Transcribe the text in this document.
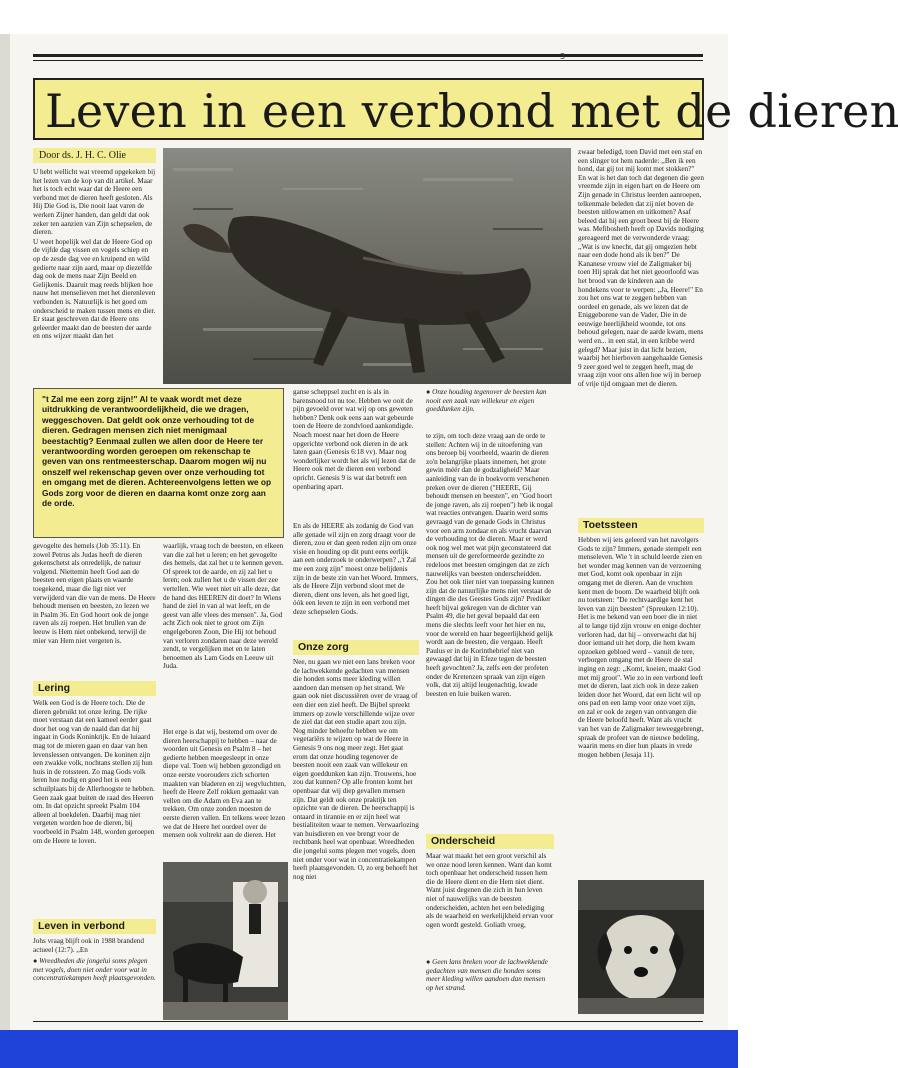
3
Leven in een verbond met de dieren
Door ds. J. H. C. Olie

U hebt wellicht wat vreemd opgekeken bij het lezen van de kop van dit artikel. Maar het is toch echt waar dat de Heere een verbond met de dieren heeft gesloten. Als Hij Die God is, Die nooit laat varen de werken Zijner handen, dan geldt dat ook zeker ten aanzien van Zijn schepselen, de dieren.

U weet hopelijk wel dat de Heere God op de vijfde dag vissen en vogels schiep en op de zesde dag vee en kruipend en wild gedierte naar zijn aard, maar op diezelfde dag ook de mens naar Zijn Beeld en Gelijkenis. Daaruit mag reeds blijken hoe nauw het menselieven met het dierenleven verbonden is. Natuurlijk is het goed om onderscheid te maken tussen mens en dier. Er staat geschreven dat de Heere ons geleerder maakt dan de beesten der aarde en ons wijzer maakt dan het

"t Zal me een zorg zijn!" Al te vaak wordt met deze uitdrukking de verantwoordelijkheid, die we dragen, weggeschoven. Dat geldt ook onze verhouding tot de dieren. Gedragen mensen zich niet menigmaal beestachtig? Eenmaal zullen we allen door de Heere ter verantwoording worden geroepen om rekenschap te geven van ons rentmeesterschap. Daarom mogen wij nu onszelf wel rekenschap geven over onze verhouding tot en omgang met de dieren. Achtereenvolgens letten we op Gods zorg voor de dieren en daarna komt onze zorg aan de orde.
gevogelte des hemels (Job 35:11). En zowel Petrus als Judas heeft de dieren gekenschetst als onredelijk, de natuur volgend. Niettemin heeft God aan de beesten een eigen plaats en waarde toegekend, maar die ligt niet ver verwijderd van die van de mens. De Heere behoudt mensen en beesten, zo lezen we in Psalm 36. En God hoort ook de jonge raven als zij roepen. Het brullen van de leeuw is Hem niet onbekend, terwijl de mier van Hem niet vergeten is.
Lering
Welk een God is de Heere toch. Die de dieren gebruikt tot onze lering. De rijke moet verstaan dat een kameel eerder gaat door het oog van de naald dan dat hij ingaat in Gods Koninkrijk. En de luiaard mag tot de mieren gaan en daar van hen levenslessen ontvangen. De koninen zijn een zwakke volk, nochtans stellen zij hun huis in de rotssteen. Zo mag Gods volk leren hoe nodig en goed het is een schuilplaats bij de Allerhoogste te hebben. Geen zaak gaat buiten de raad des Heeren om. In dat opzicht spreekt Psalm 104 alleen al boekdelen. Daarbij mag niet vergeten worden hoe de dieren, bij voorbeeld in Psalm 148, worden geroepen om de Heere te loven.
Leven in verbond
Johs vraag blijft ook in 1988 brandend actueel (12:7). ,,En
● Wreedheden die jongelui soms plegen met vogels, doen niet onder voor wat in concentratiekampen heeft plaatsgevonden.
waarlijk, vraag toch de beesten, en elkeen van die zal het u leren; en het gevogelte des hemels, dat zal het u te kennen geven. Of spreek tot de aarde, en zij zal het u leren; ook zullen het u de vissen der zee vertellen. Wie weet niet uit alle deze, dat de hand des HEEREN dit doet? In Wiens hand de ziel in van al wat leeft, en de geest van alle vlees des mensen". Ja, God acht Zich ook niet te groot om Zijn engelgeboren Zoon, Die Hij tot behoud van verloren zondaren naar deze wereld zendt, te vergelijken met en te laten benoemen als Lam Gods en Leeuw uit Juda.
Het erge is dat wij, bestemd om over de dieren heerschappij te hebben – naar de woorden uit Genesis en Psalm 8 – het gedierte hebben meegesleept in onze diepe val. Toen wij hebben gezondigd en onze eerste voorouders zich schorten maakten van bladeren en zij wegvluchtten, heeft de Heere Zelf rokken gemaakt van vellen om die Adam en Eva aan te trekken. Om onze zonden moesten de eerste dieren vallen. En telkens weer lezen we dat de Heere het oordeel over de mensen ook voltrekt aan de dieren. Het
ganse scheppsel zucht en is als in barensnood tot nu toe. Hebben we ooit de pijn gevoeld over wat wij op ons geweten hebben? Denk ook eens aan wat gebeurde toen de Heere de zondvloed aankondigde. Noach moest naar het doen de Heere opgerichte verbond ook dieren in de ark laten gaan (Genesis 6:18 vv). Maar nog wonderlijker wordt het als wij lezen dat de Heere ook met de dieren een verbond opricht. Genesis 9 is wat dat betreft een openbaring apart.
En als de HEERE als zodanig de God van alle genade wil zijn en zorg draagt voor de dieren, zou er dan geen reden zijn om onze visie en houding op dit punt eens eerlijk aan een onderzoek te onderwerpen? ,,'t Zal me een zorg zijn" moest onze belijdenis zijn in de beste zin van het Woord. Immers, als de Heere Zijn verbond sloot met de dieren, dient ons leven, als het goed ligt, óók een leven te zijn in een verbond met deze schepselen Gods.
Onze zorg
Nee, nu gaan we niet een lans breken voor de lachwekkende gedachten van mensen die honden soms meer kleding willen aandoen dan mensen op het strand. We gaan ook niet discussiëren over de vraag of een dier een ziel heeft. De Bijbel spreekt immers op zowle verschillende wijze over de ziel dat dat een studie apart zou zijn. Nog minder behoefte hebben we om vegetariërs te wijzen op wat de Heere in Genesis 9 ons nog meer zegt. Het gaat erom dat onze houding tegenover de beesten nooit een zaak van willekeur en eigen goeddunken kan zijn. Trouwens, hoe zou dat kunnen? Op alle fronten komt het openbaar dat wij diep gevallen mensen zijn. Dat geldt ook onze praktijk ten opzichte van de dieren. De heerschappij is ontaard in tirannie en er zijn heel wat bestialiteiten waar te nemen. Verwaarlozing van huisdieren en vee brengt voor de rechtbank heel wat openbaar. Wreedheden die jongelui soms plegen met vogels, doen niet onder voor wat in concentratiekampen heeft plaatsgevonden. O, zo erg behoeft het nog niet
● Onze houding tegenover de beesten kan nooit een zaak van willekeur en eigen goeddunken zijn.
te zijn, om toch deze vraag aan de orde te stellen: Achten wij in de uitoefening van ons beroep bij voorbeeld, waarin de dieren zo'n belangrijke plaats innemen, het grote gewin méér dan de godzaligheid? Maar aanleiding van de in boekvorm verschenen preken over de dieren ("HEERE, Gij behoudt mensen en beesten", en "God hoort de jonge raven, als zij roepen") heb ik nogal wat reacties ontvangen. Daarin werd soms gevraagd van de genade Gods in Christus voor een arm zondaar en als vrucht daarvan de verhouding tot de dieren. Maar er werd ook nog wel met wat pijn geconstateerd dat mensen uit de gereformeerde gezindte zo redeloos met beesten omgingen dat ze zich nauwelijks van beesten onderscheidden. Zou het ook tiier niet van toepassing kunnen zijn dat de natuurlijke mens niet verstaat de dingen die des Geestes Gods zijn? Prediker heeft bijvai gekregen van de dichter van Psalm 49, die het geval bepaald dat een mens die slechts leeft voor het hier en nu, voor de wereld en haar begeerlijkheid gelijk wordt aan de beesten, die vergaan. Heeft Paulus er in de Korinthebrief niet van gewaagd dat hij in Efeze tegen de beesten heeft gevochten? Ja, zelfs een der profeten onder de Kretenzen spraak van zijn eigen volk, dat zij altijd leugenachtig, kwade beesten en luie buiken waren.
Onderscheid
Maar wat maakt het een groot verschil als we onze nood leren kennen. Want dan komt toch openbaar het onderscheid tussen hem die de Heere dient en die Hem niet dient. Want juist degenen die zich in hun leven niet of nauwelijks van de beesten onderscheiden, achten het een belediging als de waarheid en werkelijkheid ervan voor ogen wordt gesteld. Goliath vroeg,
● Geen lans breken voor de lachwekkende gedachten van mensen die honden soms meer kleding willen aandoen dan mensen op het strand.
zwaar beledigd, toen David met een staf en een slinger tot hem naderde: ,,Ben ik een hond, dat gij tot mij komt met stokken?" En wat is het dan toch dat degenen die geen vreemde zijn in eigen hart en de Heere om Zijn genade in Christus leerden aanroepen, telkenmale beleden dat zij niet boven de beesten uitlowamen en uitkomen? Asaf beleed dat hij een groot beest bij de Heere was. Mefibosheth heeft op Davids nodiging gereageerd met de verwonderde vraag: ,,Wat is uw knecht, dat gij omgezien hebt naar een dode hond als ik ben?" De Kananese vrouw viel de Zaligmaker bij toen Hij sprak dat het niet geoorloofd was het brood van de kinderen aan de hondekens voor te werpen: ,,Ja, Heere!" En zou het ons wat te zeggen hebben van oordeel en genade, als we lezen dat de Eniggeborene van de Vader, Die in de eeuwige heerlijkheid woonde, tot ons behoud gelegen, naar de aarde kwam, mens werd en... in een stal, in een kribbe werd gelegd? Maar juist in dat licht bezien, waarbij het hierboven aangehaalde Genesis 9 zeer goed wel te zeggen heeft, mag de vraag zijn voor ons allen hoe wij in beroep of vrije tijd omgaan met de dieren.
Toetssteen
Hebben wij iets geleerd van het navolgers Gods te zijn? Immers, genade stempelt een menseleven. Wie 't in schuld leerde zien en het wonder mag kennen van de verzoening met God, komt ook openbaar in zijn omgang met de dieren. Aan de vruchten kent men de boom. De waarheid blijft ook nu toetsteen: "De rechtvaardige kent het leven van zijn beesten" (Spreuken 12:10). Het is me bekend van een boer die in niet al te lange tijd zijn vrouw en enige dochter verloren had, dat hij – onverwacht dat hij door iemand uit het dorp, die hem kwam opzoeken gebloed werd – vanuit de tere, verborgen omgang met de Heere de stal inging en zegt: ,,Komt, koeien, maakt God met mij groot". Wie zo in een verbond leeft met de dieren, laat zich ook in deze zaken leiden door het Woord, dat een licht wil op ons pad en een lamp voor onze voet zijn, en zal er ook de zegen van ontvangen die de Heere beloofd heeft. Want als vrucht van het van de Zaligmaker teweeggebrengt, spraak de profeet van de nieuwe bedeling, waarin mens en dier hun plaats in vrede mogen hebben (Jesaja 11).
